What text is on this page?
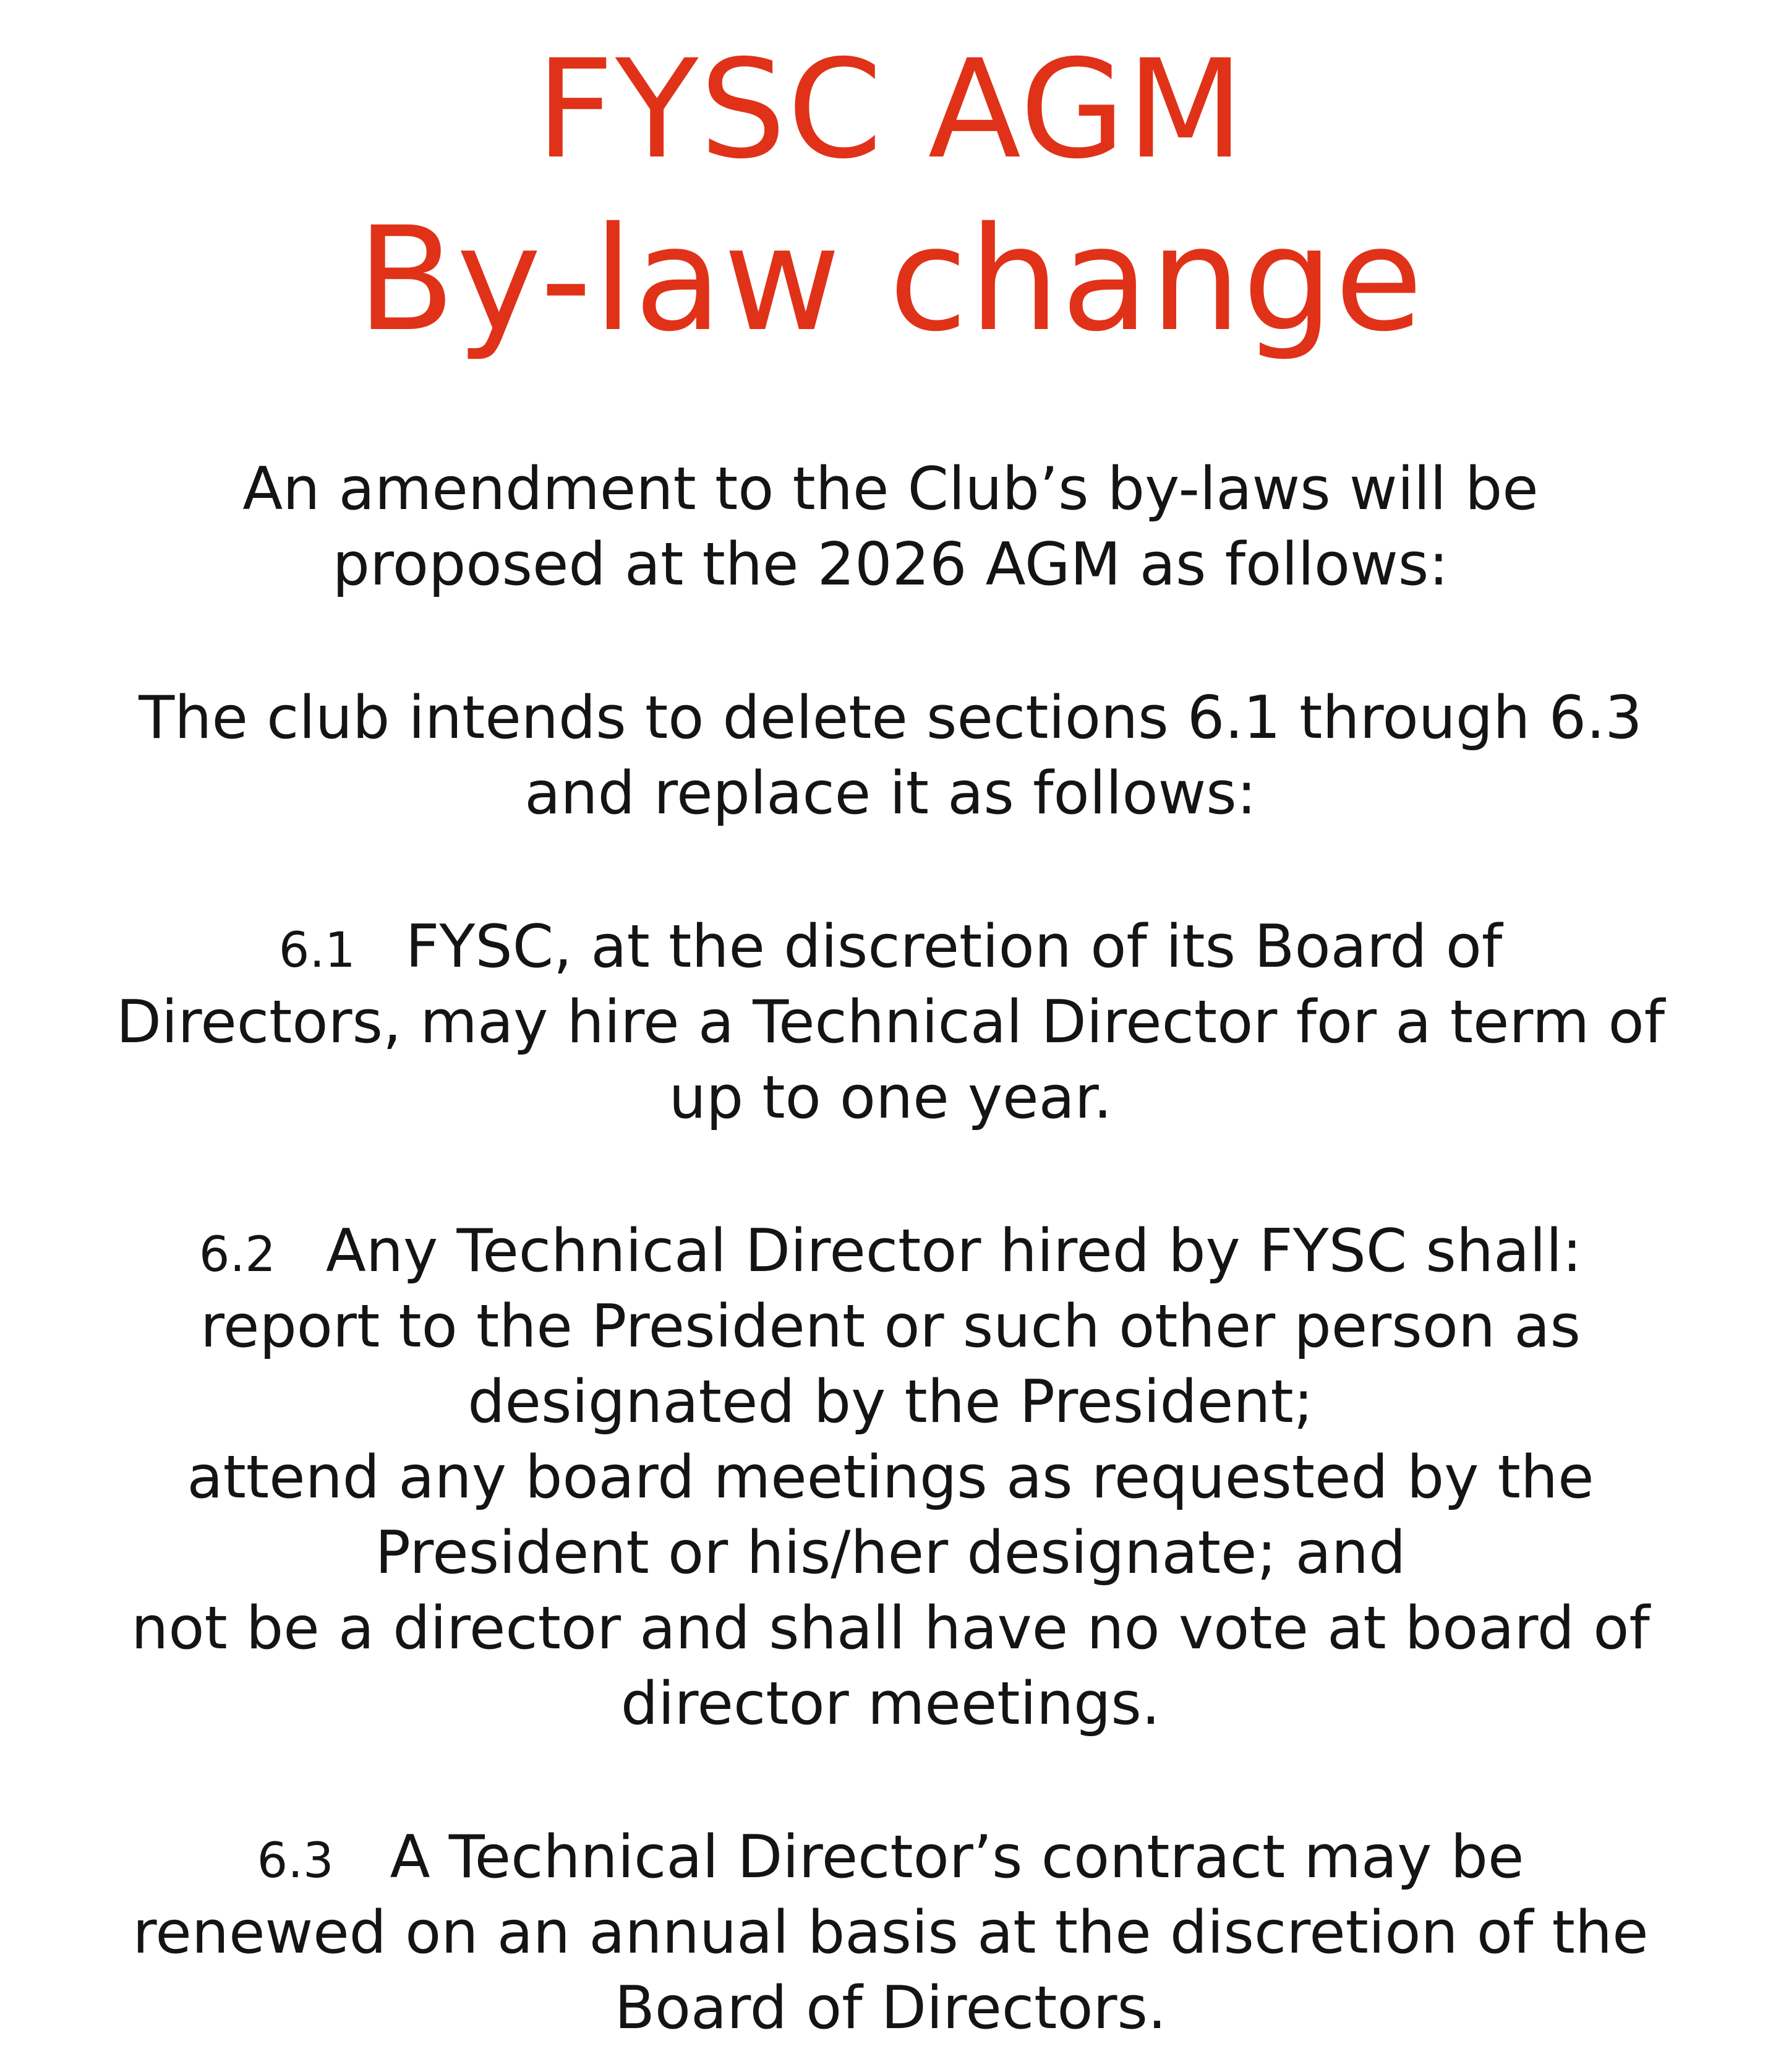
FYSC AGM
By-law change

An amendment to the Club’s by-laws will be

proposed at the 2026 AGM as follows:

The club intends to delete sections 6.1 through 6.3

and replace it as follows:

6.1 FYSC, at the discretion of its Board of

Directors, may hire a Technical Director for a term of

up to one year.

6.2 Any Technical Director hired by FYSC shall:

report to the President or such other person as

designated by the President;

attend any board meetings as requested by the

President or his/her designate; and

not be a director and shall have no vote at board of

director meetings.

6.3 A Technical Director’s contract may be

renewed on an annual basis at the discretion of the

Board of Directors.
